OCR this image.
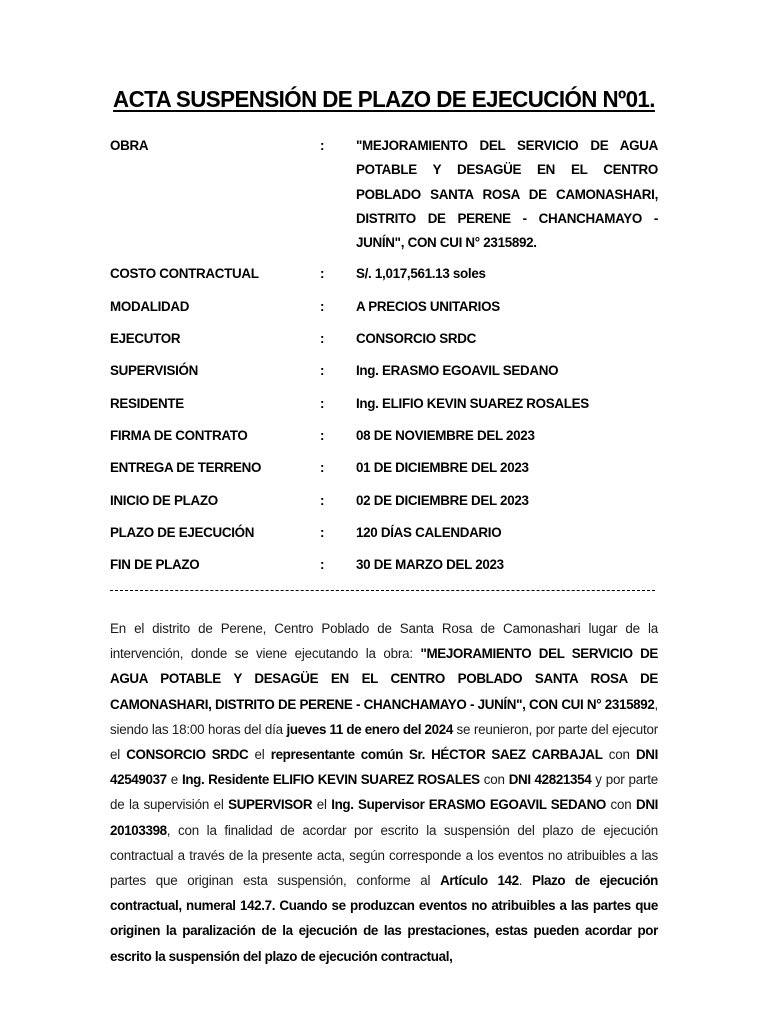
ACTA SUSPENSIÓN DE PLAZO DE EJECUCIÓN Nº01.
OBRA	:	"MEJORAMIENTO DEL SERVICIO DE AGUA POTABLE Y DESAGÜE EN EL CENTRO POBLADO SANTA ROSA DE CAMONASHARI, DISTRITO DE PERENE - CHANCHAMAYO - JUNÍN", CON CUI N° 2315892.
COSTO CONTRACTUAL	:	S/. 1,017,561.13 soles
MODALIDAD	:	A PRECIOS UNITARIOS
EJECUTOR	:	CONSORCIO SRDC
SUPERVISIÓN	:	Ing. ERASMO EGOAVIL SEDANO
RESIDENTE	:	Ing. ELIFIO KEVIN SUAREZ ROSALES
FIRMA DE CONTRATO	:	08 DE NOVIEMBRE DEL 2023
ENTREGA DE TERRENO	:	01 DE DICIEMBRE DEL 2023
INICIO DE PLAZO	:	02 DE DICIEMBRE DEL 2023
PLAZO DE EJECUCIÓN	:	120 DÍAS CALENDARIO
FIN DE PLAZO	:	30 DE MARZO DEL 2023
En el distrito de Perene, Centro Poblado de Santa Rosa de Camonashari lugar de la intervención, donde se viene ejecutando la obra: "MEJORAMIENTO DEL SERVICIO DE AGUA POTABLE Y DESAGÜE EN EL CENTRO POBLADO SANTA ROSA DE CAMONASHARI, DISTRITO DE PERENE - CHANCHAMAYO - JUNÍN", CON CUI N° 2315892, siendo las 18:00 horas del día jueves 11 de enero del 2024 se reunieron, por parte del ejecutor el CONSORCIO SRDC el representante común Sr. HÉCTOR SAEZ CARBAJAL con DNI 42549037 e Ing. Residente ELIFIO KEVIN SUAREZ ROSALES con DNI 42821354 y por parte de la supervisión el SUPERVISOR el Ing. Supervisor ERASMO EGOAVIL SEDANO con DNI 20103398, con la finalidad de acordar por escrito la suspensión del plazo de ejecución contractual a través de la presente acta, según corresponde a los eventos no atribuibles a las partes que originan esta suspensión, conforme al Artículo 142. Plazo de ejecución contractual, numeral 142.7. Cuando se produzcan eventos no atribuibles a las partes que originen la paralización de la ejecución de las prestaciones, estas pueden acordar por escrito la suspensión del plazo de ejecución contractual,
